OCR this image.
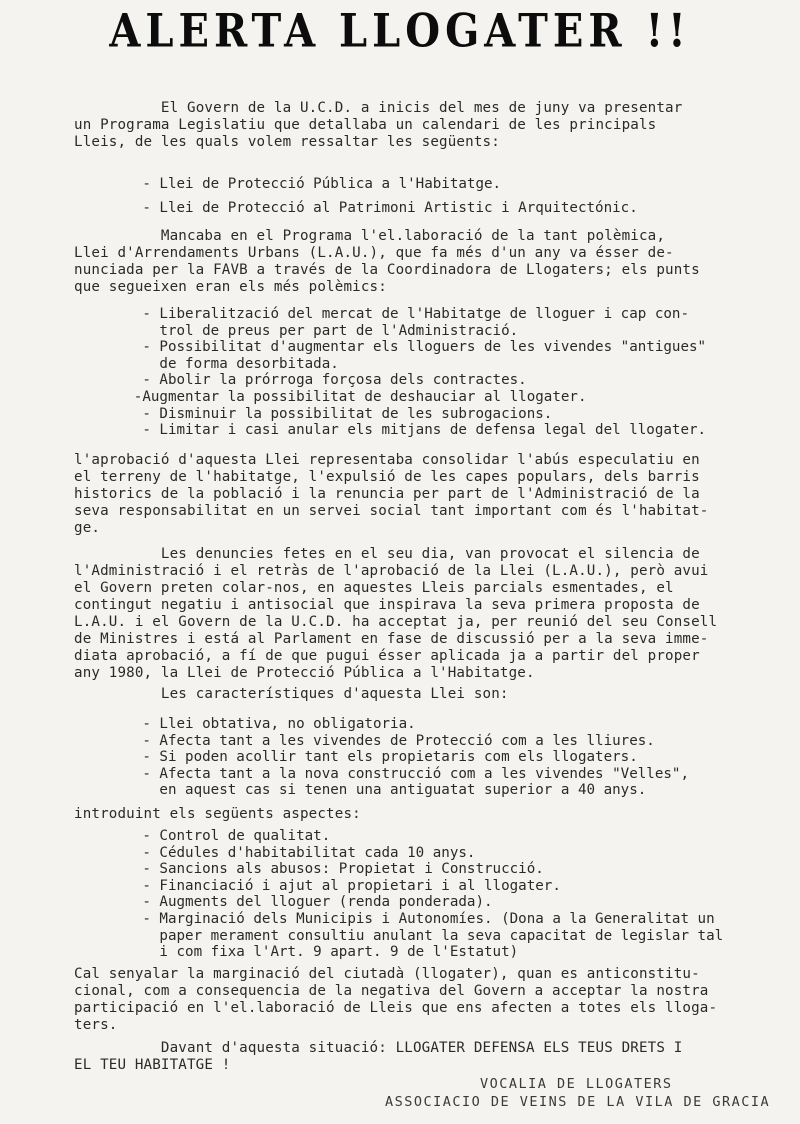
ALERTA LLOGATER !!
El Govern de la U.C.D. a inicis del mes de juny va presentar
un Programa Legislatiu que detallaba un calendari de les principals
Lleis, de les quals volem ressaltar les següents:
- Llei de Protecció Pública a l'Habitatge.
- Llei de Protecció al Patrimoni Artistic i Arquitectónic.
Mancaba en el Programa l'el.laboració de la tant polèmica,
Llei d'Arrendaments Urbans (L.A.U.), que fa més d'un any va ésser de-
nunciada per la FAVB a través de la Coordinadora de Llogaters; els punts
que segueixen eran els més polèmics:
- Liberalització del mercat de l'Habitatge de lloguer i cap con-
trol de preus per part de l'Administració.
- Possibilitat d'augmentar els lloguers de les vivendes "antigues"
de forma desorbitada.
- Abolir la prórroga forçosa dels contractes.
-Augmentar la possibilitat de deshauciar al llogater.
- Disminuir la possibilitat de les subrogacions.
- Limitar i casi anular els mitjans de defensa legal del llogater.
l'aprobació d'aquesta Llei representaba consolidar l'abús especulatiu en
el terreny de l'habitatge, l'expulsió de les capes populars, dels barris
historics de la població i la renuncia per part de l'Administració de la
seva responsabilitat en un servei social tant important com és l'habitat-
ge.
Les denuncies fetes en el seu dia, van provocat el silencia de
l'Administració i el retràs de l'aprobació de la Llei (L.A.U.), però avui
el Govern preten colar-nos, en aquestes Lleis parcials esmentades, el
contingut negatiu i antisocial que inspirava la seva primera proposta de
L.A.U. i el Govern de la U.C.D. ha acceptat ja, per reunió del seu Consell
de Ministres i está al Parlament en fase de discussió per a la seva imme-
diata aprobació, a fí de que pugui ésser aplicada ja a partir del proper
any 1980, la Llei de Protecció Pública a l'Habitatge.
Les característiques d'aquesta Llei son:
- Llei obtativa, no obligatoria.
- Afecta tant a les vivendes de Protecció com a les lliures.
- Si poden acollir tant els propietaris com els llogaters.
- Afecta tant a la nova construcció com a les vivendes "Velles",
en aquest cas si tenen una antiguatat superior a 40 anys.
introduint els següents aspectes:
- Control de qualitat.
- Cédules d'habitabilitat cada 10 anys.
- Sancions als abusos: Propietat i Construcció.
- Financiació i ajut al propietari i al llogater.
- Augments del lloguer (renda ponderada).
- Marginació dels Municipis i Autonomíes. (Dona a la Generalitat un
paper merament consultiu anulant la seva capacitat de legislar tal
i com fixa l'Art. 9 apart. 9 de l'Estatut)
Cal senyalar la marginació del ciutadà (llogater), quan es anticonstitu-
cional, com a consequencia de la negativa del Govern a acceptar la nostra
participació en l'el.laboració de Lleis que ens afecten a totes els lloga-
ters.
Davant d'aquesta situació: LLOGATER DEFENSA ELS TEUS DRETS I
EL TEU HABITATGE !
VOCALIA DE LLOGATERS
ASSOCIACIO DE VEINS DE LA VILA DE GRACIA
